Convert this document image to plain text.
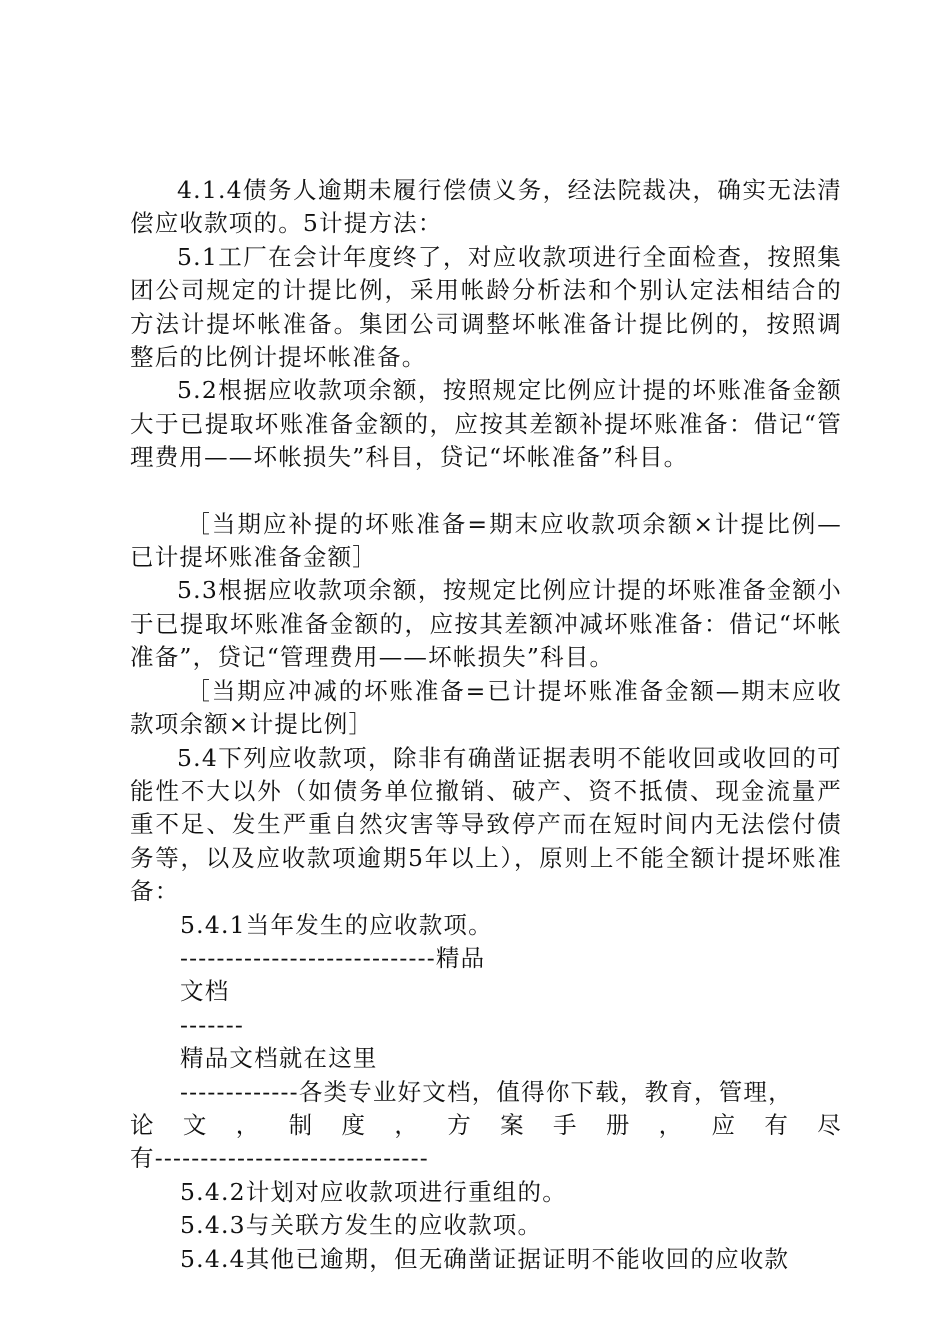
4.1.4债务人逾期未履行偿债义务，经法院裁决，确实无法清偿应收款项的。5计提方法：

5.1工厂在会计年度终了，对应收款项进行全面检查，按照集团公司规定的计提比例，采用帐龄分析法和个别认定法相结合的方法计提坏帐准备。集团公司调整坏帐准备计提比例的，按照调整后的比例计提坏帐准备。

5.2根据应收款项余额，按照规定比例应计提的坏账准备金额大于已提取坏账准备金额的，应按其差额补提坏账准备：借记“管理费用——坏帐损失”科目，贷记“坏帐准备”科目。

［当期应补提的坏账准备=期末应收款项余额×计提比例—已计提坏账准备金额］

5.3根据应收款项余额，按规定比例应计提的坏账准备金额小于已提取坏账准备金额的，应按其差额冲减坏账准备：借记“坏帐准备”，贷记“管理费用——坏帐损失”科目。

［当期应冲减的坏账准备=已计提坏账准备金额—期末应收款项余额×计提比例］

5.4下列应收款项，除非有确凿证据表明不能收回或收回的可能性不大以外（如债务单位撤销、破产、资不抵债、现金流量严重不足、发生严重自然灾害等导致停产而在短时间内无法偿付债务等，以及应收款项逾期5年以上），原则上不能全额计提坏账准备：

5.4.1当年发生的应收款项。

----------------------------精品

文档

-------

精品文档就在这里

-------------各类专业好文档，值得你下载，教育，管理，

论文，制度，方案手册，应有尽

有------------------------------

5.4.2计划对应收款项进行重组的。

5.4.3与关联方发生的应收款项。

5.4.4其他已逾期，但无确凿证据证明不能收回的应收款
